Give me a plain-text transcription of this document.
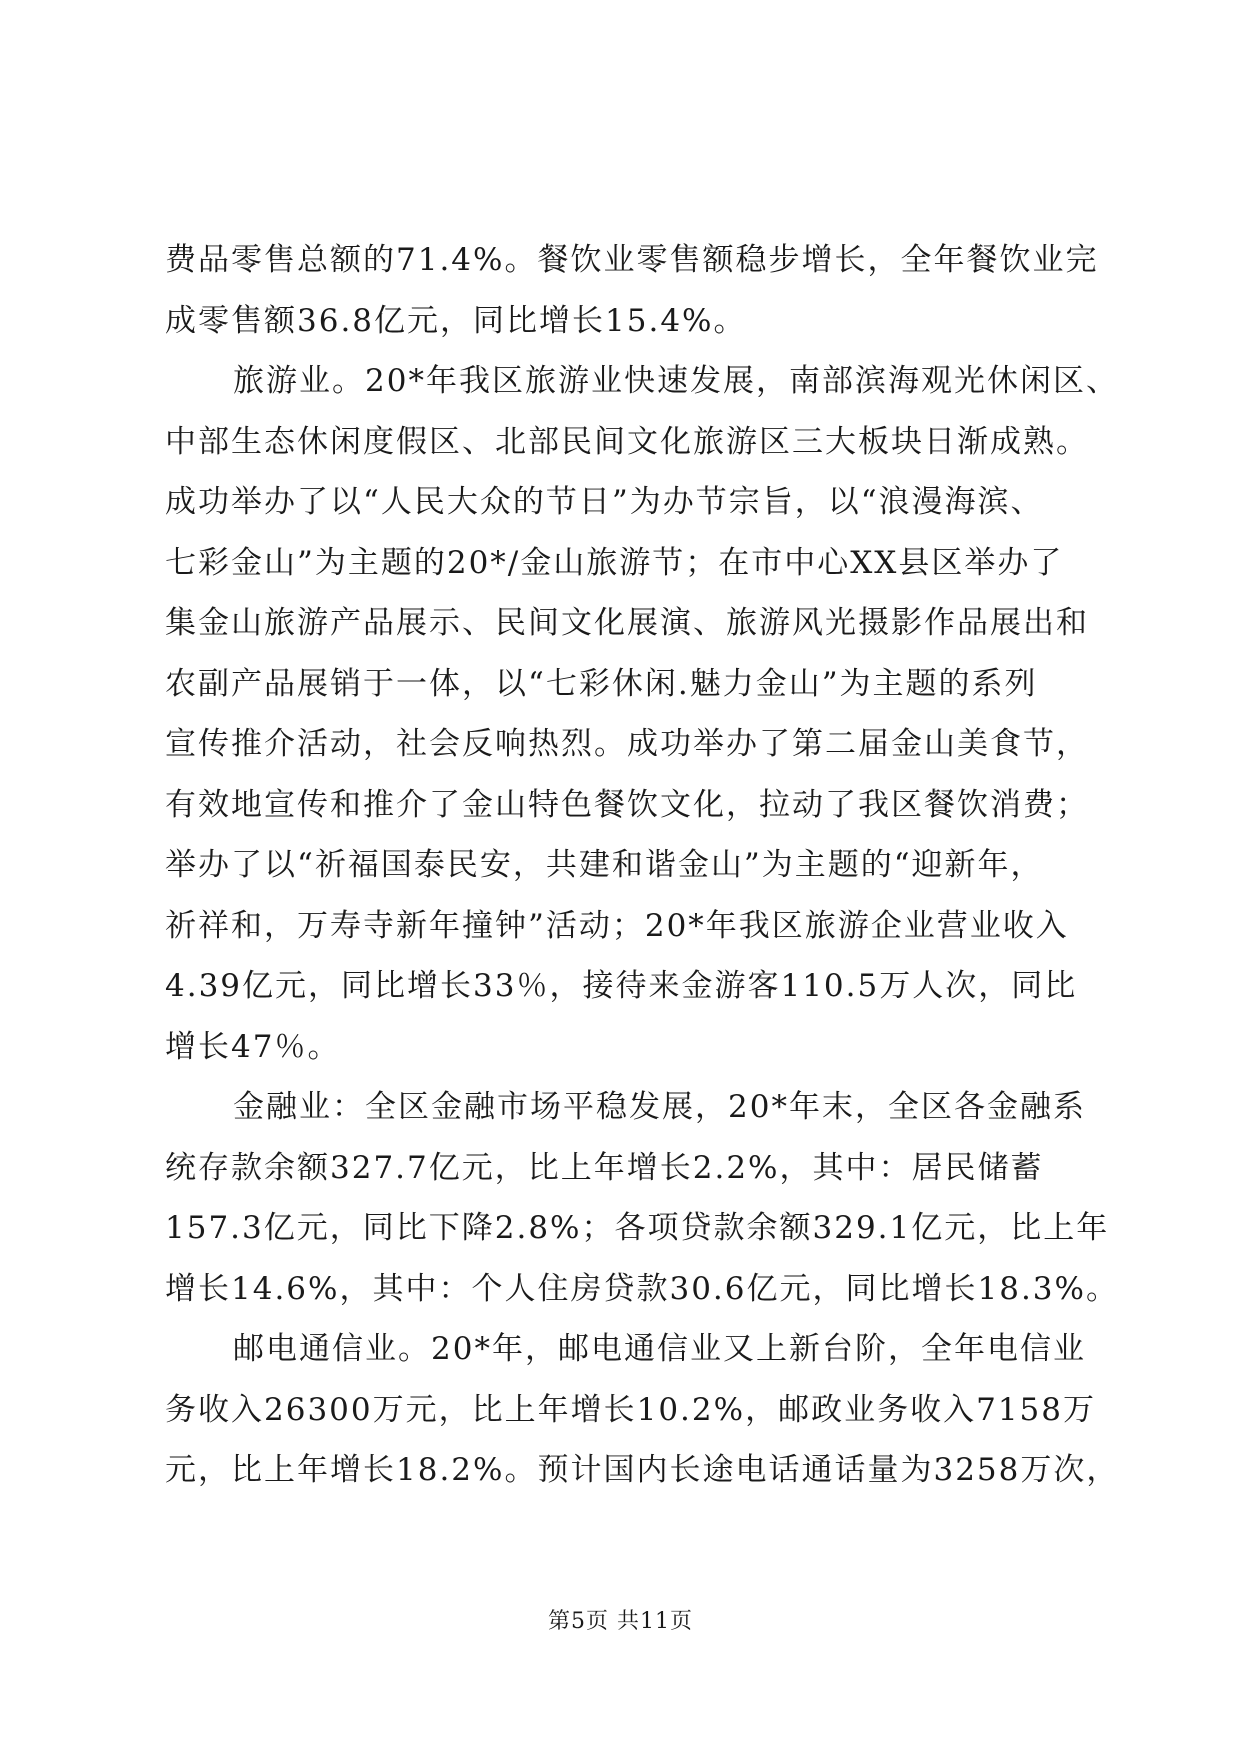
费品零售总额的71.4%。餐饮业零售额稳步增长，全年餐饮业完
成零售额36.8亿元，同比增长15.4%。
旅游业。20*年我区旅游业快速发展，南部滨海观光休闲区、
中部生态休闲度假区、北部民间文化旅游区三大板块日渐成熟。
成功举办了以“人民大众的节日”为办节宗旨，以“浪漫海滨、
七彩金山”为主题的20*/金山旅游节；在市中心XX县区举办了
集金山旅游产品展示、民间文化展演、旅游风光摄影作品展出和
农副产品展销于一体，以“七彩休闲.魅力金山”为主题的系列
宣传推介活动，社会反响热烈。成功举办了第二届金山美食节，
有效地宣传和推介了金山特色餐饮文化，拉动了我区餐饮消费；
举办了以“祈福国泰民安，共建和谐金山”为主题的“迎新年，
祈祥和，万寿寺新年撞钟”活动；20*年我区旅游企业营业收入
4.39亿元，同比增长33％，接待来金游客110.5万人次，同比
增长47％。
金融业：全区金融市场平稳发展，20*年末，全区各金融系
统存款余额327.7亿元，比上年增长2.2%，其中：居民储蓄
157.3亿元，同比下降2.8%；各项贷款余额329.1亿元，比上年
增长14.6%，其中：个人住房贷款30.6亿元，同比增长18.3%。
邮电通信业。20*年，邮电通信业又上新台阶，全年电信业
务收入26300万元，比上年增长10.2%，邮政业务收入7158万
元，比上年增长18.2%。预计国内长途电话通话量为3258万次，
第5页 共11页
